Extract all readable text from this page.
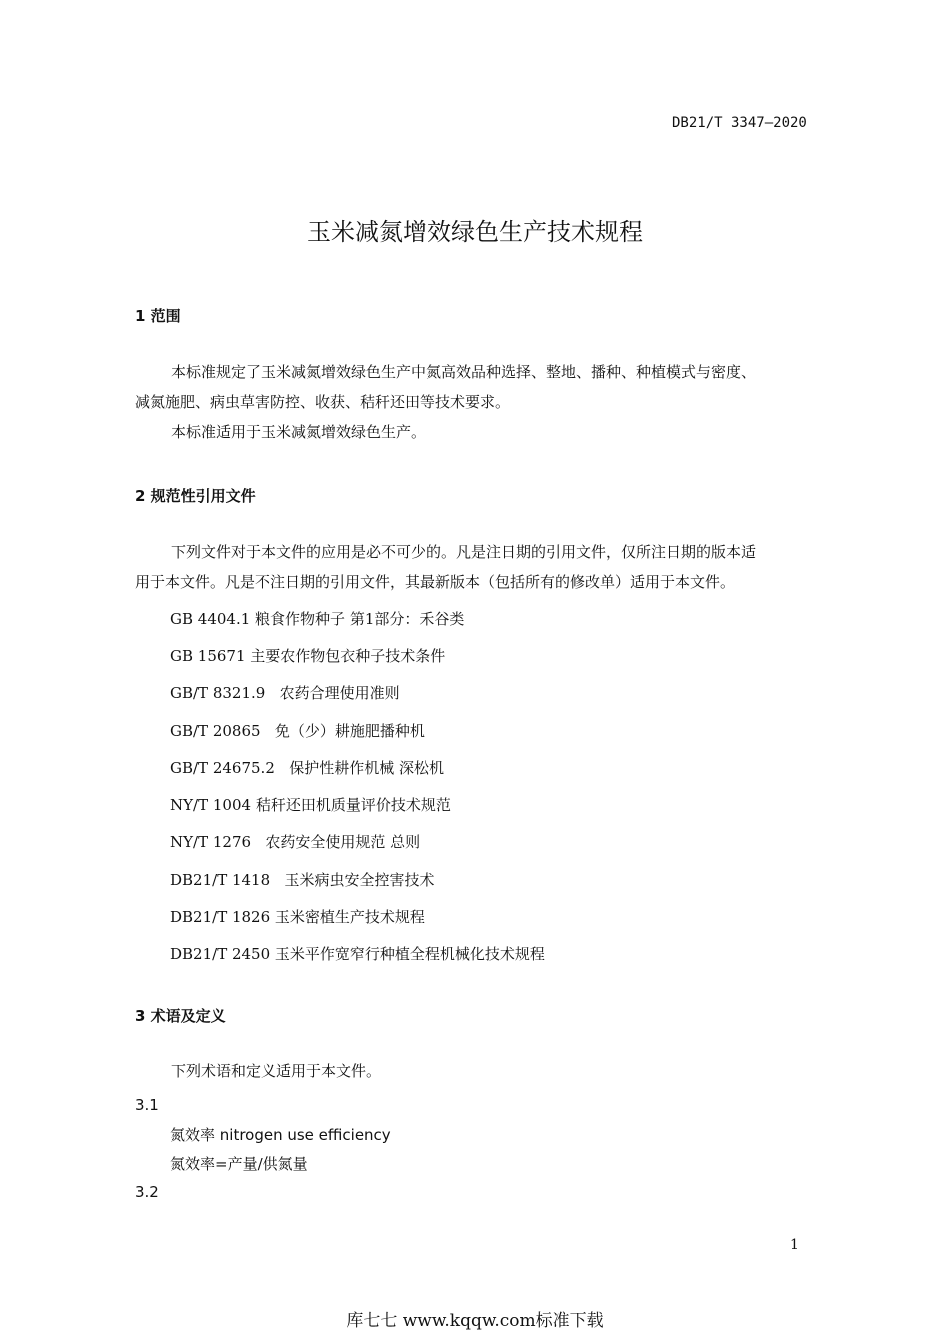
DB21/T 3347—2020
玉米减氮增效绿色生产技术规程
1 范围

本标准规定了玉米减氮增效绿色生产中氮高效品种选择、整地、播种、种植模式与密度、

减氮施肥、病虫草害防控、收获、秸秆还田等技术要求。

本标准适用于玉米减氮增效绿色生产。

2 规范性引用文件

下列文件对于本文件的应用是必不可少的。凡是注日期的引用文件，仅所注日期的版本适

用于本文件。凡是不注日期的引用文件，其最新版本（包括所有的修改单）适用于本文件。

GB 4404.1 粮食作物种子 第1部分：禾谷类
GB 15671 主要农作物包衣种子技术条件
GB/T 8321.9 农药合理使用准则
GB/T 20865 免（少）耕施肥播种机
GB/T 24675.2 保护性耕作机械 深松机
NY/T 1004 秸秆还田机质量评价技术规范
NY/T 1276 农药安全使用规范 总则
DB21/T 1418 玉米病虫安全控害技术
DB21/T 1826 玉米密植生产技术规程
DB21/T 2450 玉米平作宽窄行种植全程机械化技术规程
3 术语及定义

下列术语和定义适用于本文件。

3.1
氮效率 nitrogen use efficiency
氮效率=产量/供氮量
3.2
1
库七七 www.kqqw.com标准下载
